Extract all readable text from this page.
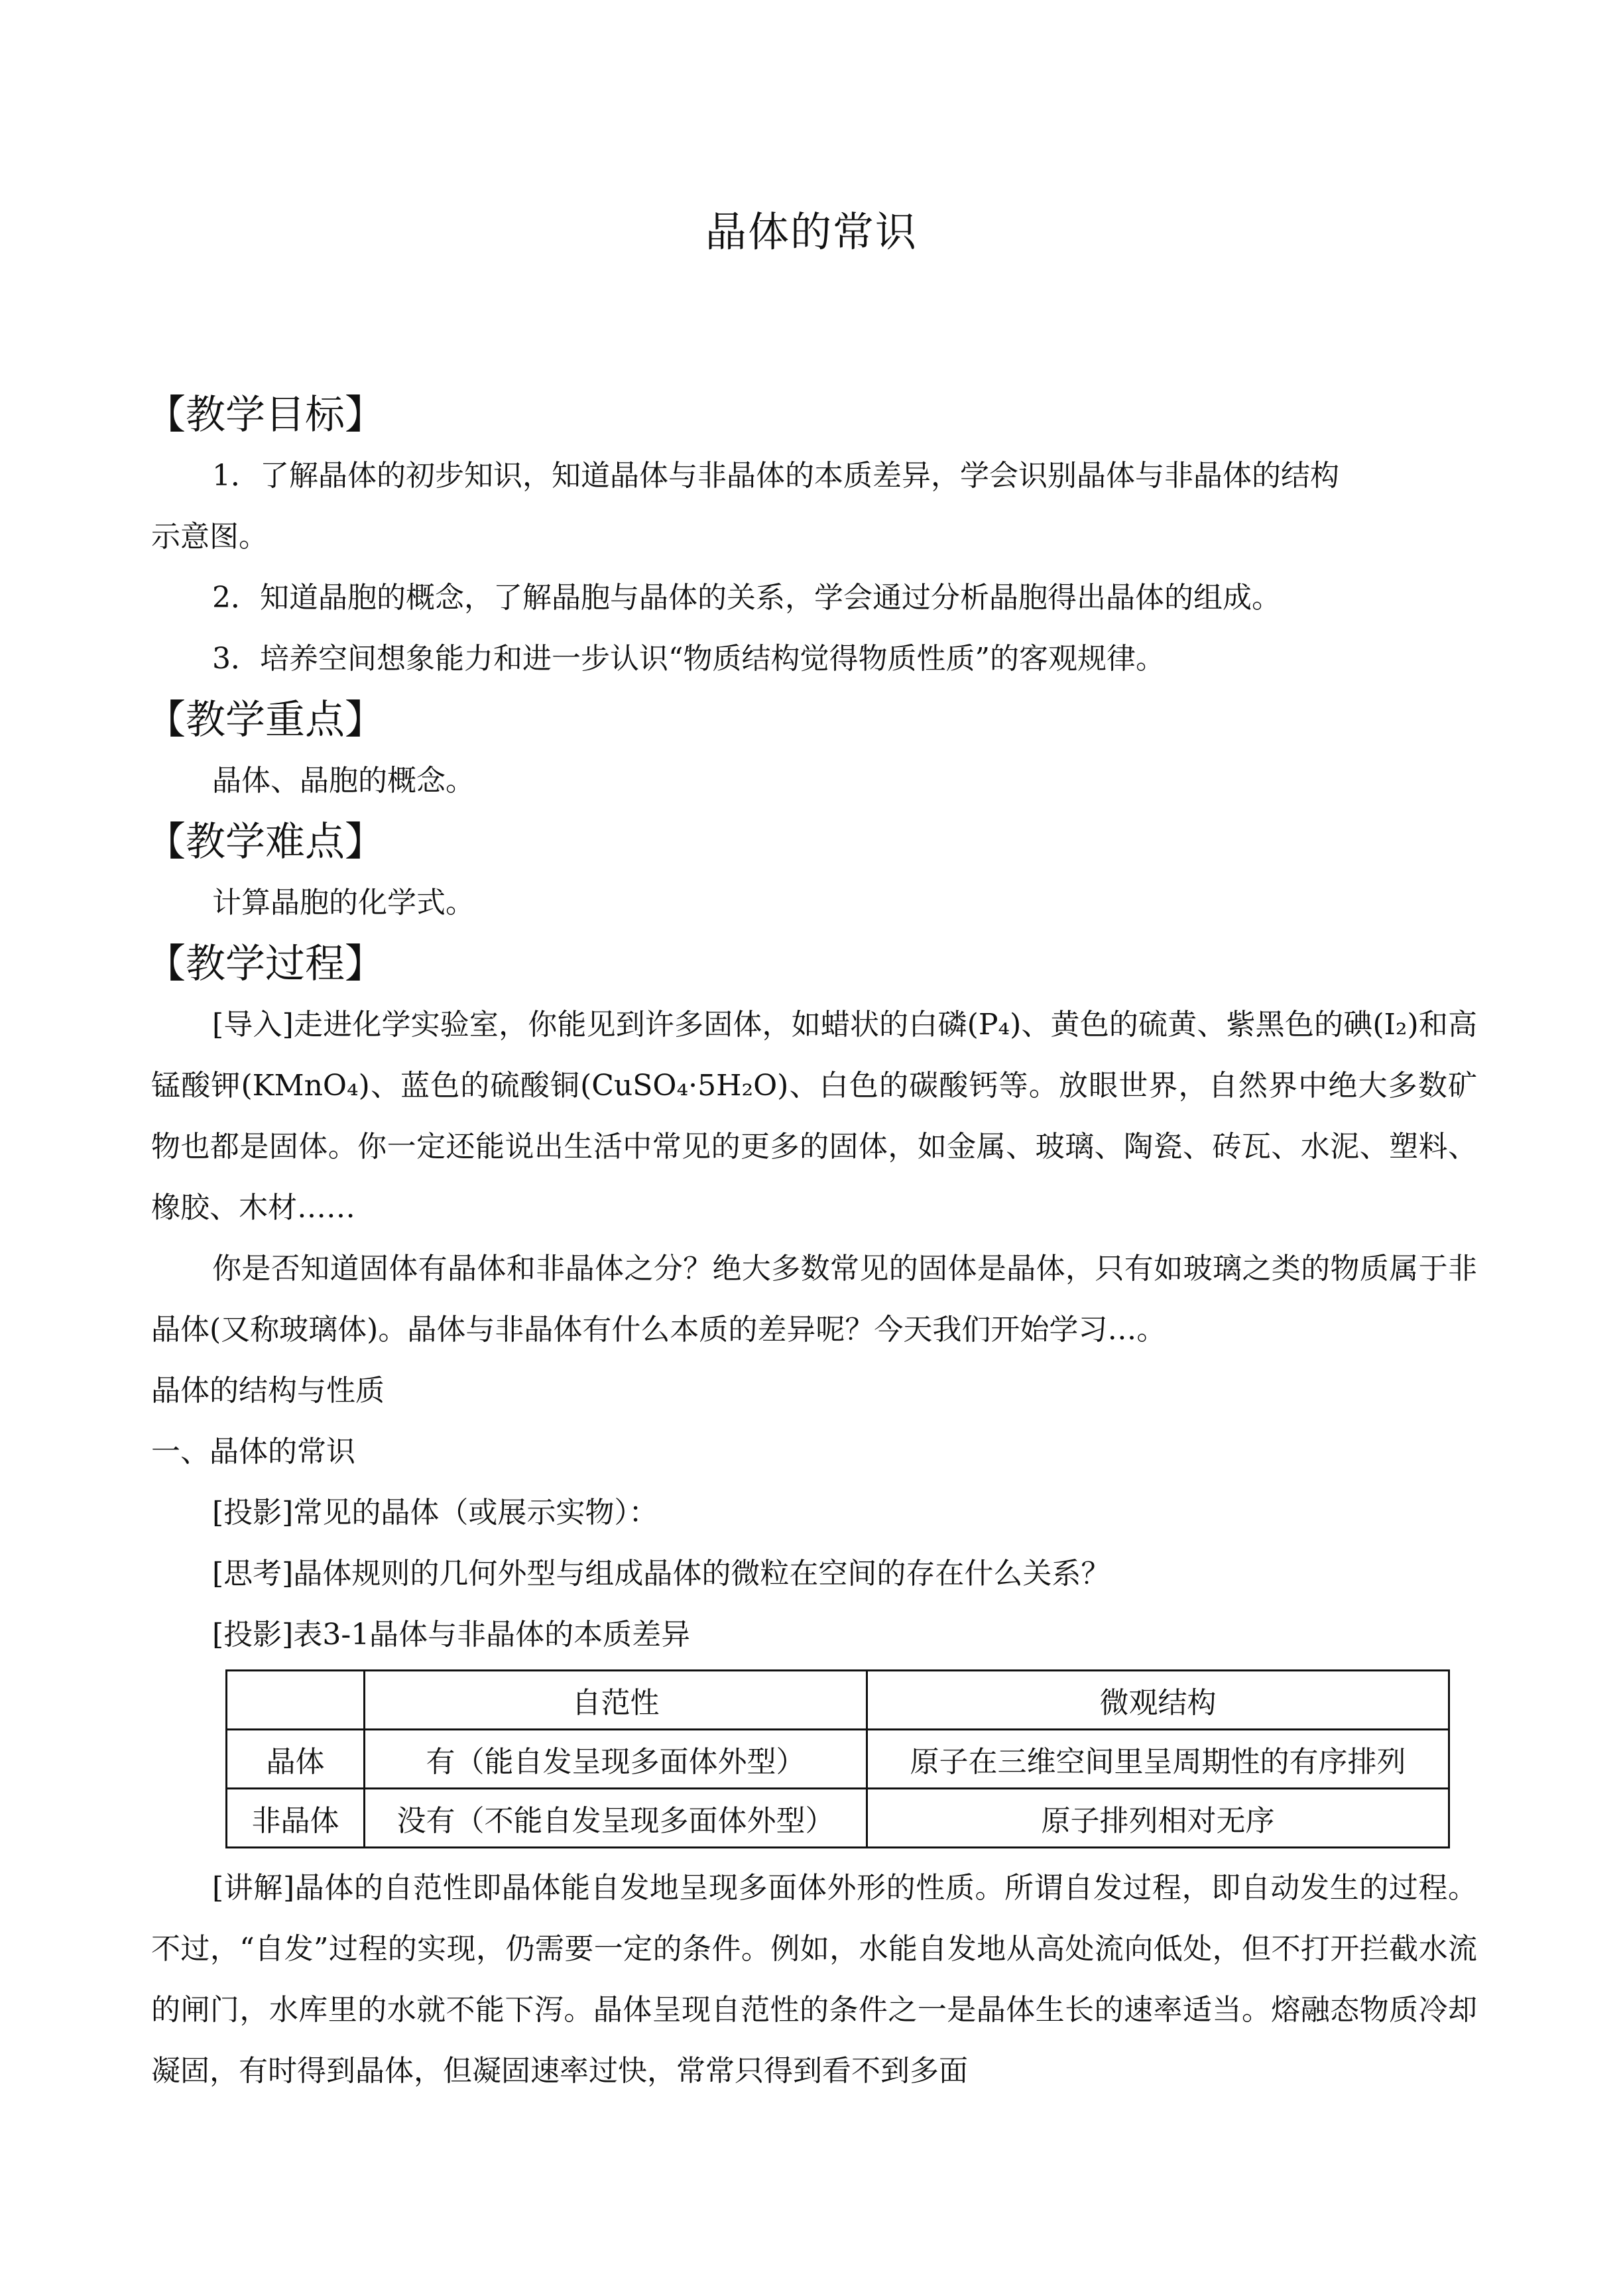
晶体的常识
【教学目标】
1．了解晶体的初步知识，知道晶体与非晶体的本质差异，学会识别晶体与非晶体的结构
示意图。
2．知道晶胞的概念，了解晶胞与晶体的关系，学会通过分析晶胞得出晶体的组成。
3．培养空间想象能力和进一步认识“物质结构觉得物质性质”的客观规律。
【教学重点】
晶体、晶胞的概念。
【教学难点】
计算晶胞的化学式。
【教学过程】
[导入]走进化学实验室，你能见到许多固体，如蜡状的白磷(P₄)、黄色的硫黄、紫黑色的碘(I₂)和高锰酸钾(KMnO₄)、蓝色的硫酸铜(CuSO₄·5H₂O)、白色的碳酸钙等。放眼世界，自然界中绝大多数矿物也都是固体。你一定还能说出生活中常见的更多的固体，如金属、玻璃、陶瓷、砖瓦、水泥、塑料、橡胶、木材……
你是否知道固体有晶体和非晶体之分？绝大多数常见的固体是晶体，只有如玻璃之类的物质属于非晶体(又称玻璃体)。晶体与非晶体有什么本质的差异呢？今天我们开始学习…。
晶体的结构与性质
一、晶体的常识
[投影]常见的晶体（或展示实物）：
[思考]晶体规则的几何外型与组成晶体的微粒在空间的存在什么关系？
[投影]表3-1晶体与非晶体的本质差异
	自范性	微观结构
晶体	有（能自发呈现多面体外型）	原子在三维空间里呈周期性的有序排列
非晶体	没有（不能自发呈现多面体外型）	原子排列相对无序
[讲解]晶体的自范性即晶体能自发地呈现多面体外形的性质。所谓自发过程，即自动发生的过程。不过，“自发”过程的实现，仍需要一定的条件。例如，水能自发地从高处流向低处，但不打开拦截水流的闸门，水库里的水就不能下泻。晶体呈现自范性的条件之一是晶体生长的速率适当。熔融态物质冷却凝固，有时得到晶体，但凝固速率过快，常常只得到看不到多面
